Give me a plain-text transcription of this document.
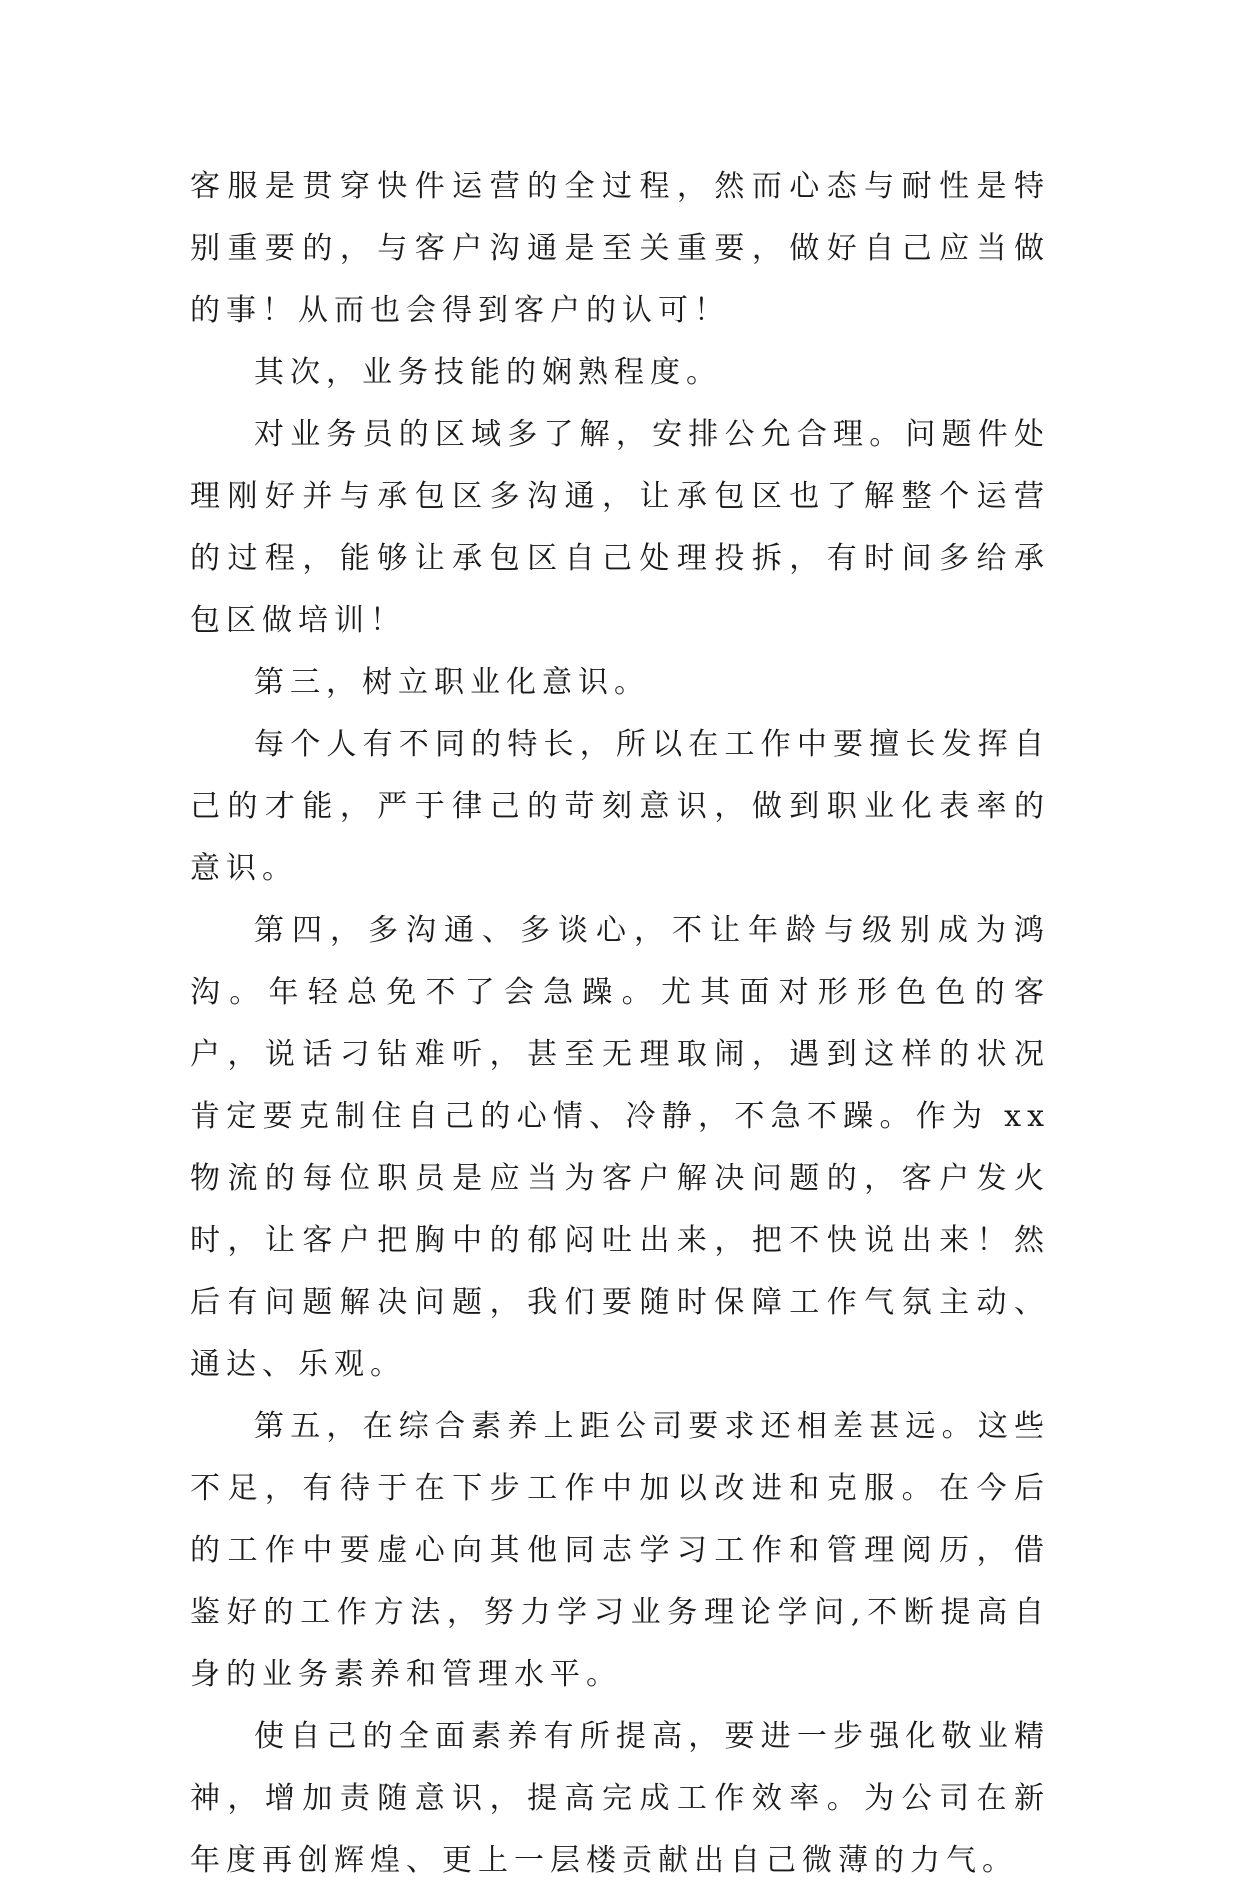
客服是贯穿快件运营的全过程，然而心态与耐性是特别重要的，与客户沟通是至关重要，做好自己应当做的事！从而也会得到客户的认可！

其次，业务技能的娴熟程度。

对业务员的区域多了解，安排公允合理。问题件处理刚好并与承包区多沟通，让承包区也了解整个运营的过程，能够让承包区自己处理投拆，有时间多给承包区做培训！

第三，树立职业化意识。

每个人有不同的特长，所以在工作中要擅长发挥自己的才能，严于律己的苛刻意识，做到职业化表率的意识。

第四，多沟通、多谈心，不让年龄与级别成为鸿沟。年轻总免不了会急躁。尤其面对形形色色的客户，说话刁钻难听，甚至无理取闹，遇到这样的状况肯定要克制住自己的心情、冷静，不急不躁。作为 xx 物流的每位职员是应当为客户解决问题的，客户发火时，让客户把胸中的郁闷吐出来，把不快说出来！然后有问题解决问题，我们要随时保障工作气氛主动、通达、乐观。

第五，在综合素养上距公司要求还相差甚远。这些不足，有待于在下步工作中加以改进和克服。在今后的工作中要虚心向其他同志学习工作和管理阅历，借鉴好的工作方法，努力学习业务理论学问,不断提高自身的业务素养和管理水平。

使自己的全面素养有所提高，要进一步强化敬业精神，增加责随意识，提高完成工作效率。为公司在新年度再创辉煌、更上一层楼贡献出自己微薄的力气。
